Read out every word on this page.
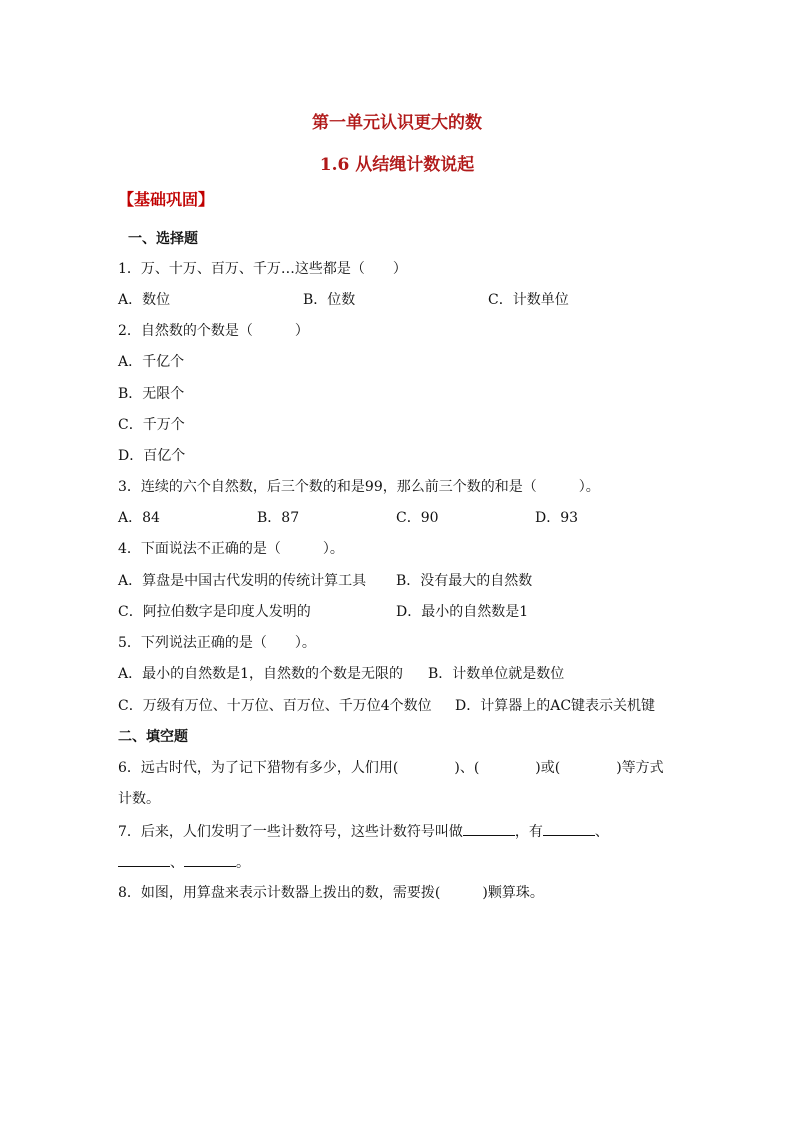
第一单元认识更大的数
1.6 从结绳计数说起
【基础巩固】
一、选择题
1．万、十万、百万、千万…这些都是（　　）
A．数位	B．位数	C．计数单位
2．自然数的个数是（　　　）
A．千亿个
B．无限个
C．千万个
D．百亿个
3．连续的六个自然数，后三个数的和是99，那么前三个数的和是（　　　）。
A．84	B．87	C．90	D．93
4．下面说法不正确的是（　　　）。
A．算盘是中国古代发明的传统计算工具 B．没有最大的自然数
C．阿拉伯数字是印度人发明的	D．最小的自然数是1
5．下列说法正确的是（　　）。
A．最小的自然数是1，自然数的个数是无限的 B．计数单位就是数位
C．万级有万位、十万位、百万位、千万位4个数位 D．计算器上的AC键表示关机键
二、填空题
6．远古时代，为了记下猎物有多少，人们用(　　　　)、(　　　　)或(　　　　)等方式
计数。
7．后来，人们发明了一些计数符号，这些计数符号叫做	，有	、
、	。
8．如图，用算盘来表示计数器上拨出的数，需要拨(　　　)颗算珠。
